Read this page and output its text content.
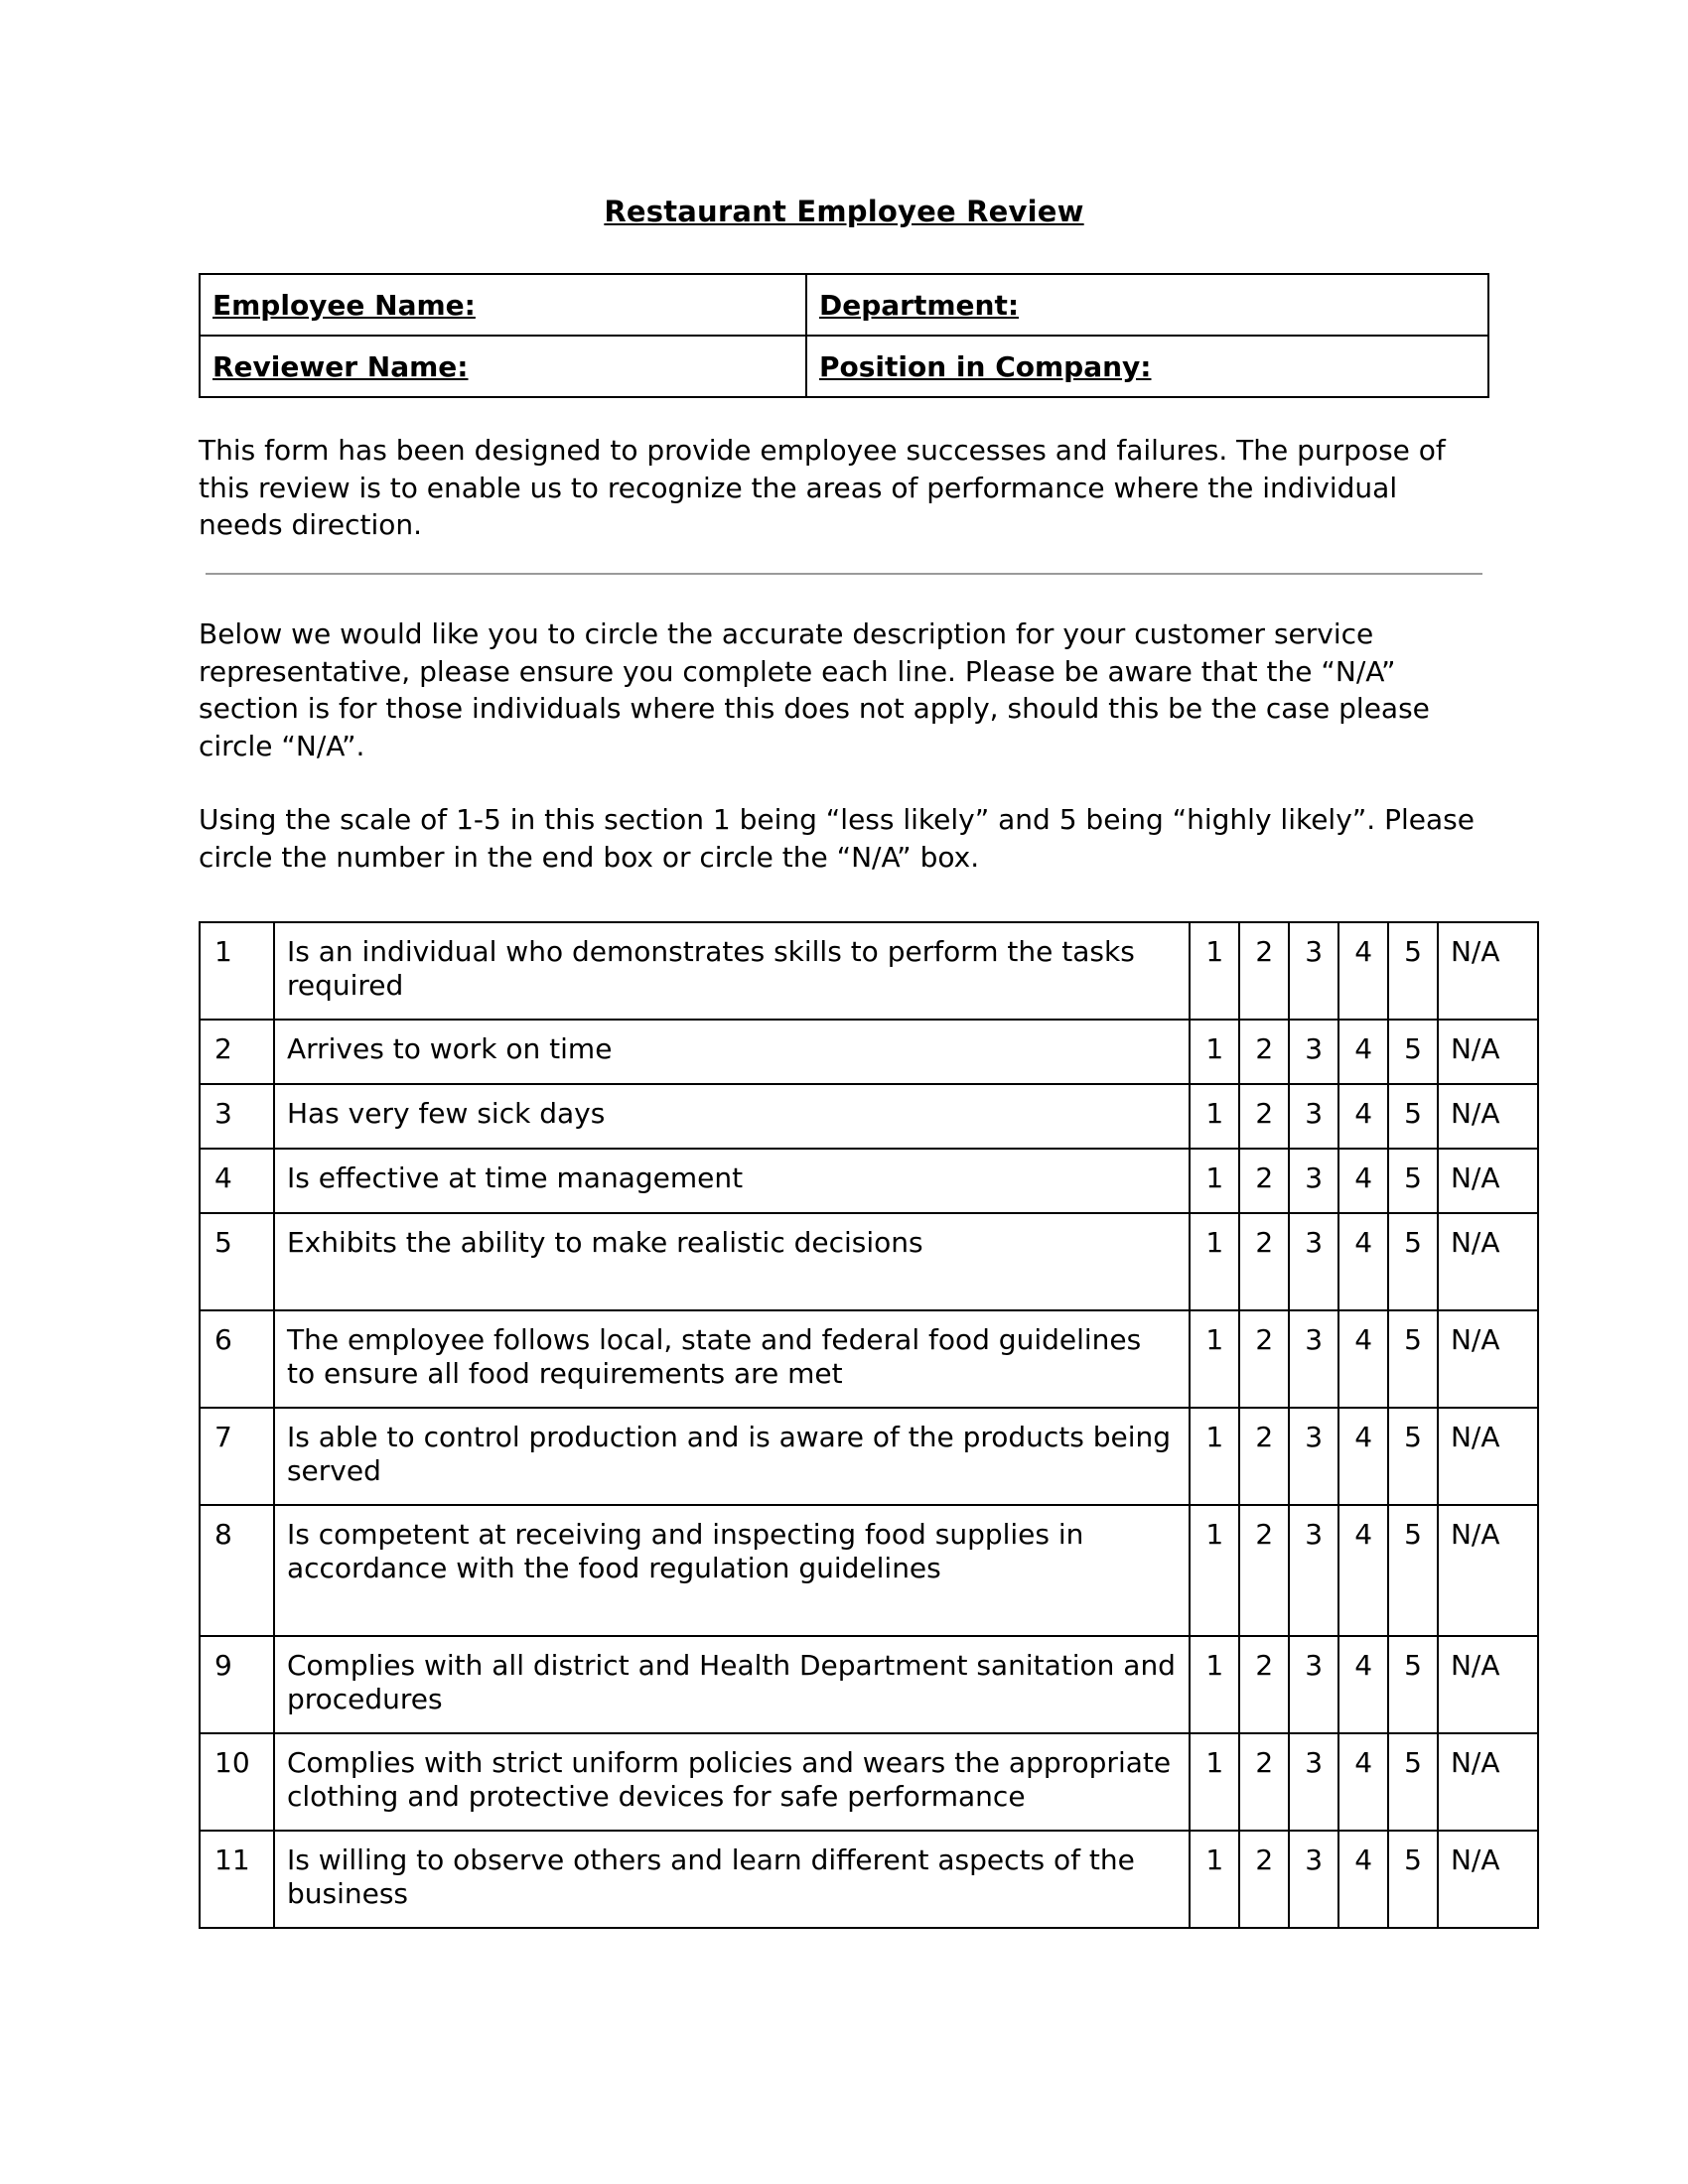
Restaurant Employee Review
Employee Name:	Department:
Reviewer Name:	Position in Company:

This form has been designed to provide employee successes and failures. The purpose of this review is to enable us to recognize the areas of performance where the individual needs direction.

Below we would like you to circle the accurate description for your customer service representative, please ensure you complete each line. Please be aware that the “N/A” section is for those individuals where this does not apply, should this be the case please circle “N/A”.

Using the scale of 1-5 in this section 1 being “less likely” and 5 being “highly likely”. Please circle the number in the end box or circle the “N/A” box.

1	Is an individual who demonstrates skills to perform the tasks required	1	2	3	4	5	N/A
2	Arrives to work on time	1	2	3	4	5	N/A
3	Has very few sick days	1	2	3	4	5	N/A
4	Is effective at time management	1	2	3	4	5	N/A
5	Exhibits the ability to make realistic decisions	1	2	3	4	5	N/A
6	The employee follows local, state and federal food guidelines to ensure all food requirements are met	1	2	3	4	5	N/A
7	Is able to control production and is aware of the products being served	1	2	3	4	5	N/A
8	Is competent at receiving and inspecting food supplies in accordance with the food regulation guidelines	1	2	3	4	5	N/A
9	Complies with all district and Health Department sanitation and procedures	1	2	3	4	5	N/A
10	Complies with strict uniform policies and wears the appropriate clothing and protective devices for safe performance	1	2	3	4	5	N/A
11	Is willing to observe others and learn different aspects of the business	1	2	3	4	5	N/A
